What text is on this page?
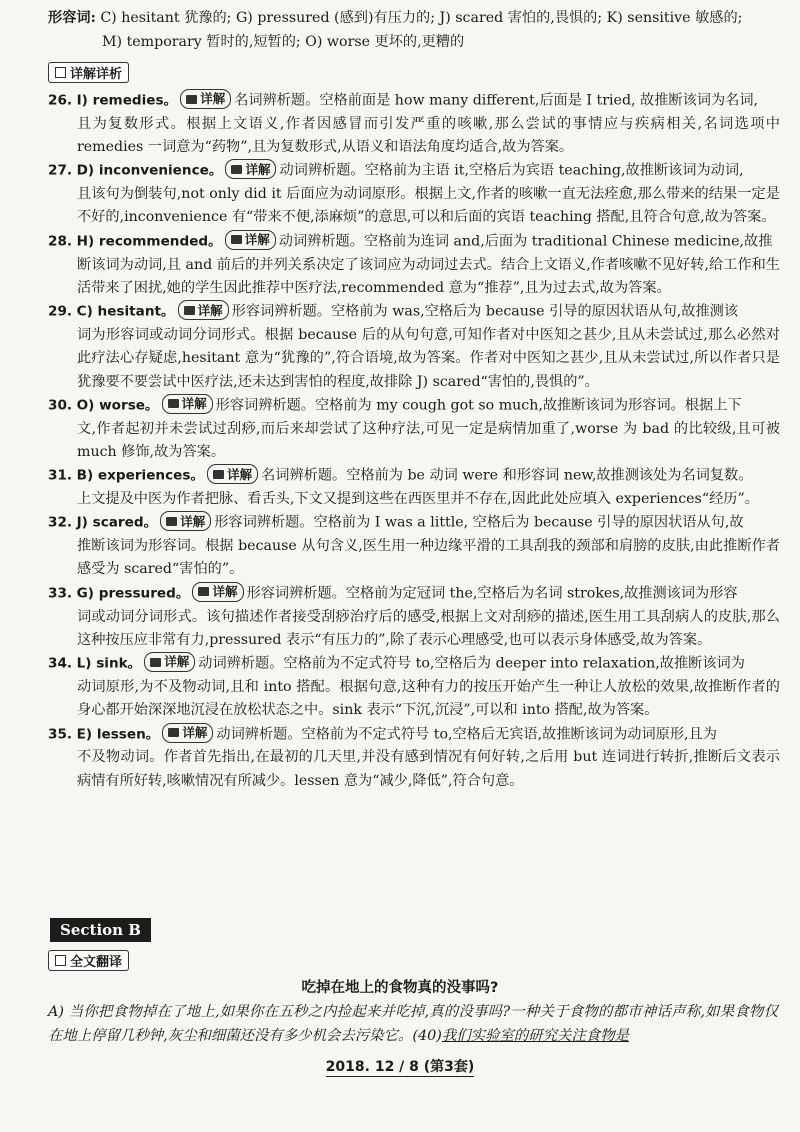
形容词: C) hesitant 犹豫的; G) pressured (感到)有压力的; J) scared 害怕的,畏惧的; K) sensitive 敏感的;
M) temporary 暂时的,短暂的; O) worse 更坏的,更糟的
详解详析
26. I) remedies。 详解 名词辨析题。空格前面是 how many different,后面是 I tried, 故推断该词为名词,
且为复数形式。根据上文语义,作者因感冒而引发严重的咳嗽,那么尝试的事情应与疾病相关,名词选项中 remedies 一词意为“药物”,且为复数形式,从语义和语法角度均适合,故为答案。
27. D) inconvenience。 详解 动词辨析题。空格前为主语 it,空格后为宾语 teaching,故推断该词为动词,
且该句为倒装句,not only did it 后面应为动词原形。根据上文,作者的咳嗽一直无法痊愈,那么带来的结果一定是不好的,inconvenience 有“带来不便,添麻烦”的意思,可以和后面的宾语 teaching 搭配,且符合句意,故为答案。
28. H) recommended。 详解 动词辨析题。空格前为连词 and,后面为 traditional Chinese medicine,故推
断该词为动词,且 and 前后的并列关系决定了该词应为动词过去式。结合上文语义,作者咳嗽不见好转,给工作和生活带来了困扰,她的学生因此推荐中医疗法,recommended 意为“推荐”,且为过去式,故为答案。
29. C) hesitant。 详解 形容词辨析题。空格前为 was,空格后为 because 引导的原因状语从句,故推测该
词为形容词或动词分词形式。根据 because 后的从句句意,可知作者对中医知之甚少,且从未尝试过,那么必然对此疗法心存疑虑,hesitant 意为“犹豫的”,符合语境,故为答案。作者对中医知之甚少,且从未尝试过,所以作者只是犹豫要不要尝试中医疗法,还未达到害怕的程度,故排除 J) scared“害怕的,畏惧的”。
30. O) worse。 详解 形容词辨析题。空格前为 my cough got so much,故推断该词为形容词。根据上下
文,作者起初并未尝试过刮痧,而后来却尝试了这种疗法,可见一定是病情加重了,worse 为 bad 的比较级,且可被 much 修饰,故为答案。
31. B) experiences。 详解 名词辨析题。空格前为 be 动词 were 和形容词 new,故推测该处为名词复数。
上文提及中医为作者把脉、看舌头,下文又提到这些在西医里并不存在,因此此处应填入 experiences“经历”。
32. J) scared。 详解 形容词辨析题。空格前为 I was a little, 空格后为 because 引导的原因状语从句,故
推断该词为形容词。根据 because 从句含义,医生用一种边缘平滑的工具刮我的颈部和肩膀的皮肤,由此推断作者感受为 scared“害怕的”。
33. G) pressured。 详解 形容词辨析题。空格前为定冠词 the,空格后为名词 strokes,故推测该词为形容
词或动词分词形式。该句描述作者接受刮痧治疗后的感受,根据上文对刮痧的描述,医生用工具刮病人的皮肤,那么这种按压应非常有力,pressured 表示“有压力的”,除了表示心理感受,也可以表示身体感受,故为答案。
34. L) sink。 详解 动词辨析题。空格前为不定式符号 to,空格后为 deeper into relaxation,故推断该词为
动词原形,为不及物动词,且和 into 搭配。根据句意,这种有力的按压开始产生一种让人放松的效果,故推断作者的身心都开始深深地沉浸在放松状态之中。sink 表示“下沉,沉浸”,可以和 into 搭配,故为答案。
35. E) lessen。 详解 动词辨析题。空格前为不定式符号 to,空格后无宾语,故推断该词为动词原形,且为
不及物动词。作者首先指出,在最初的几天里,并没有感到情况有何好转,之后用 but 连词进行转折,推断后文表示病情有所好转,咳嗽情况有所减少。lessen 意为“减少,降低”,符合句意。
Section B
全文翻译
吃掉在地上的食物真的没事吗?
A) 当你把食物掉在了地上,如果你在五秒之内捡起来并吃掉,真的没事吗?一种关于食物的都市神话声称,如果食物仅在地上停留几秒钟,灰尘和细菌还没有多少机会去污染它。(40)我们实验室的研究关注食物是
2018. 12 / 8 (第3套)
